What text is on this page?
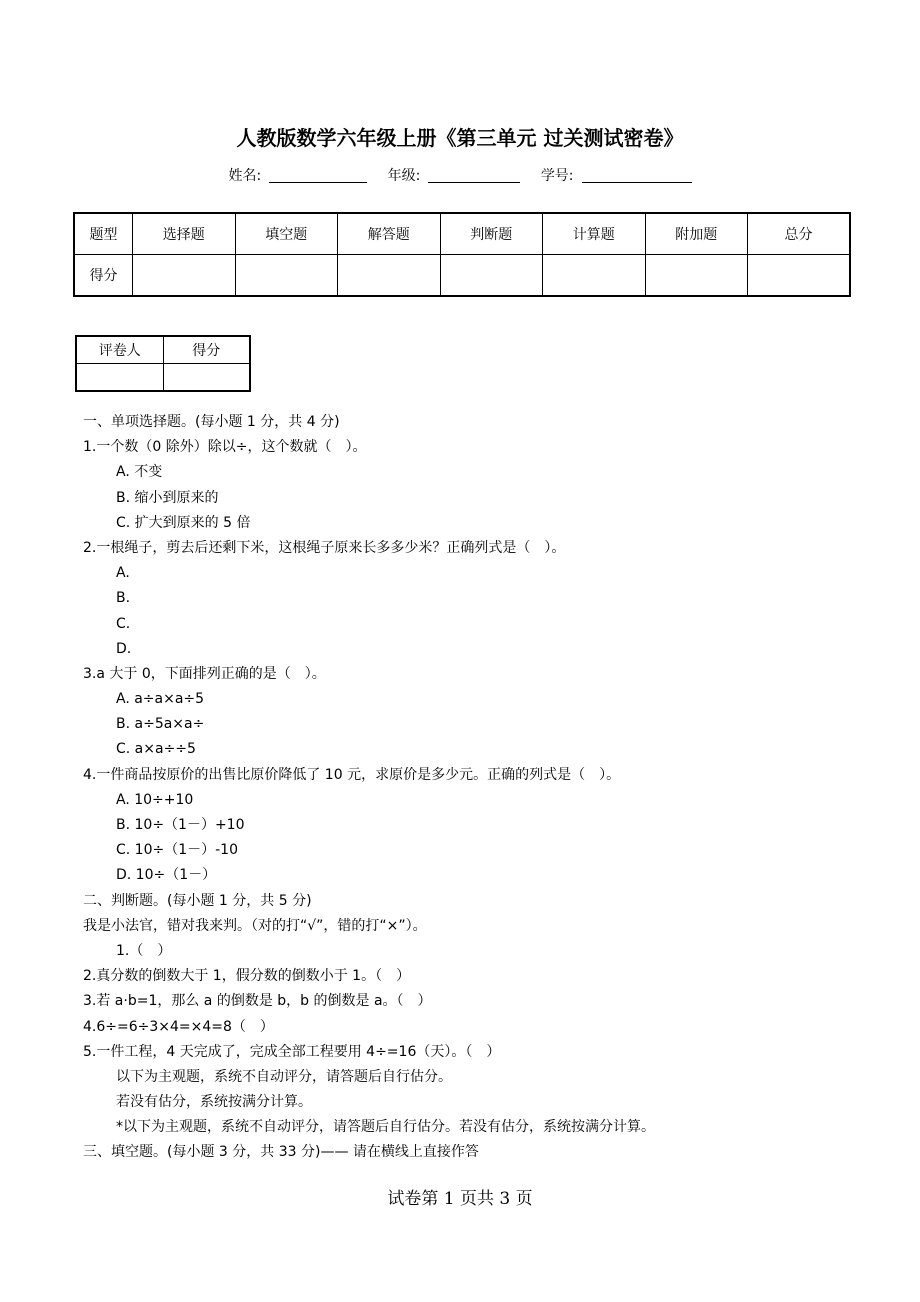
人教版数学六年级上册《第三单元 过关测试密卷》
姓名:	年级:	学号:
题型	选择题	填空题	解答题	判断题	计算题	附加题	总分
得分							
评卷人	得分

一、单项选择题。(每小题 1 分，共 4 分)
1.一个数（0 除外）除以÷，这个数就（　）。
A. 不变
B. 缩小到原来的
C. 扩大到原来的 5 倍
2.一根绳子，剪去后还剩下米，这根绳子原来长多多少米？正确列式是（　）。
A.
B.
C.
D.
3.a 大于 0，下面排列正确的是（　）。
A. a÷a×a÷5
B. a÷5a×a÷
C. a×a÷÷5
4.一件商品按原价的出售比原价降低了 10 元，求原价是多少元。正确的列式是（　）。
A. 10÷+10
B. 10÷（1－）+10
C. 10÷（1－）-10
D. 10÷（1－）
二、判断题。(每小题 1 分，共 5 分)
我是小法官，错对我来判。（对的打“√”，错的打“×”）。
1.（　）
2.真分数的倒数大于 1，假分数的倒数小于 1。（　）
3.若 a·b=1，那么 a 的倒数是 b，b 的倒数是 a。（　）
4.6÷=6÷3×4=×4=8（　）
5.一件工程，4 天完成了，完成全部工程要用 4÷=16（天）。（　）
以下为主观题，系统不自动评分，请答题后自行估分。
若没有估分，系统按满分计算。
*以下为主观题，系统不自动评分，请答题后自行估分。若没有估分，系统按满分计算。
三、填空题。(每小题 3 分，共 33 分)—— 请在横线上直接作答
试卷第 1 页共 3 页
